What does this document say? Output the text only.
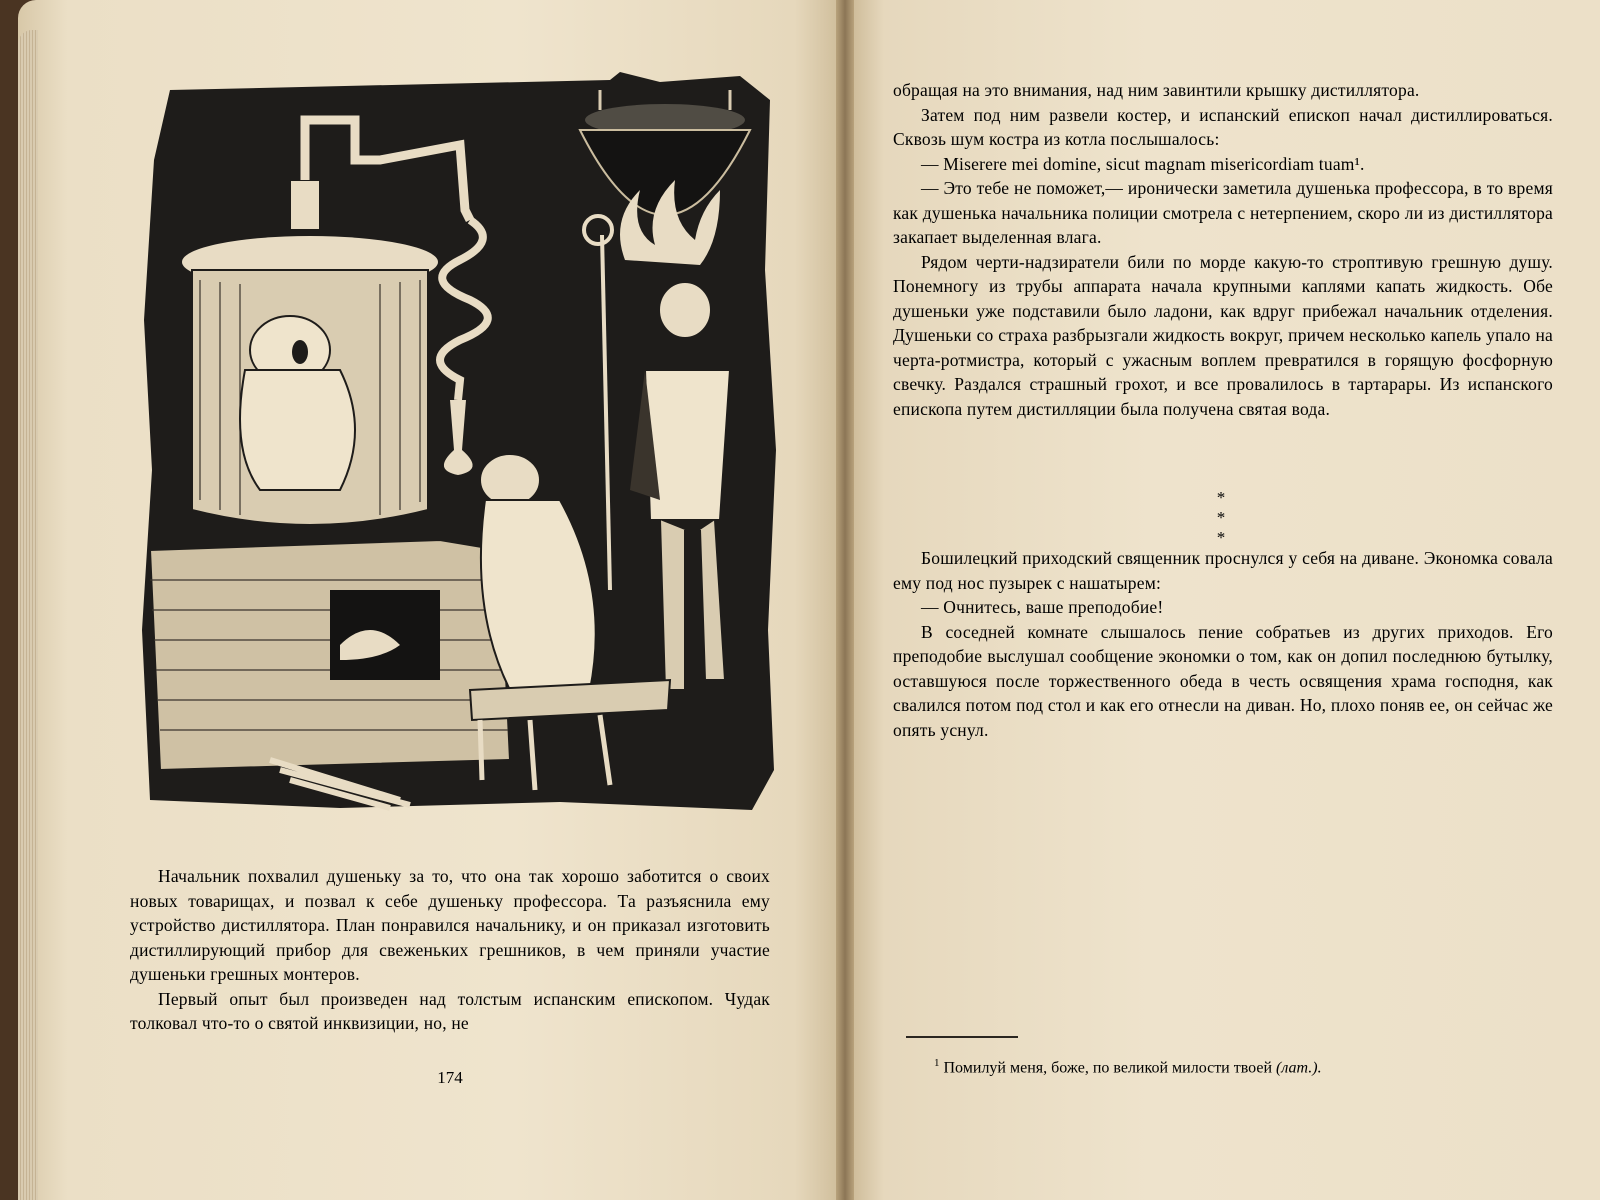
Начальник похвалил душеньку за то, что она так хорошо заботится о своих новых товарищах, и позвал к себе душеньку профессора. Та разъяснила ему устройство дистиллятора. План понравился начальнику, и он приказал изготовить дистиллирующий прибор для свеженьких грешников, в чем приняли участие душеньки грешных монтеров.

Первый опыт был произведен над толстым испанским епископом. Чудак толковал что-то о святой инквизиции, но, не

174

обращая на это внимания, над ним завинтили крышку дистиллятора.

Затем под ним развели костер, и испанский епископ начал дистиллироваться. Сквозь шум костра из котла послышалось:

— Miserere mei domine, sicut magnam misericordiam tuam¹.

— Это тебе не поможет,— иронически заметила душенька профессора, в то время как душенька начальника полиции смотрела с нетерпением, скоро ли из дистиллятора закапает выделенная влага.

Рядом черти-надзиратели били по морде какую-то строптивую грешную душу. Понемногу из трубы аппарата начала крупными каплями капать жидкость. Обе душеньки уже подставили было ладони, как вдруг прибежал начальник отделения. Душеньки со страха разбрызгали жидкость вокруг, причем несколько капель упало на черта-ротмистра, который с ужасным воплем превратился в горящую фосфорную свечку. Раздался страшный грохот, и все провалилось в тартарары. Из испанского епископа путем дистилляции была получена святая вода.

* *
*

Бошилецкий приходский священник проснулся у себя на диване. Экономка совала ему под нос пузырек с нашатырем:

— Очнитесь, ваше преподобие!

В соседней комнате слышалось пение собратьев из других приходов. Его преподобие выслушал сообщение экономки о том, как он допил последнюю бутылку, оставшуюся после торжественного обеда в честь освящения храма господня, как свалился потом под стол и как его отнесли на диван. Но, плохо поняв ее, он сейчас же опять уснул.

$^1$ Помилуй меня, боже, по великой милости твоей (лат.).
